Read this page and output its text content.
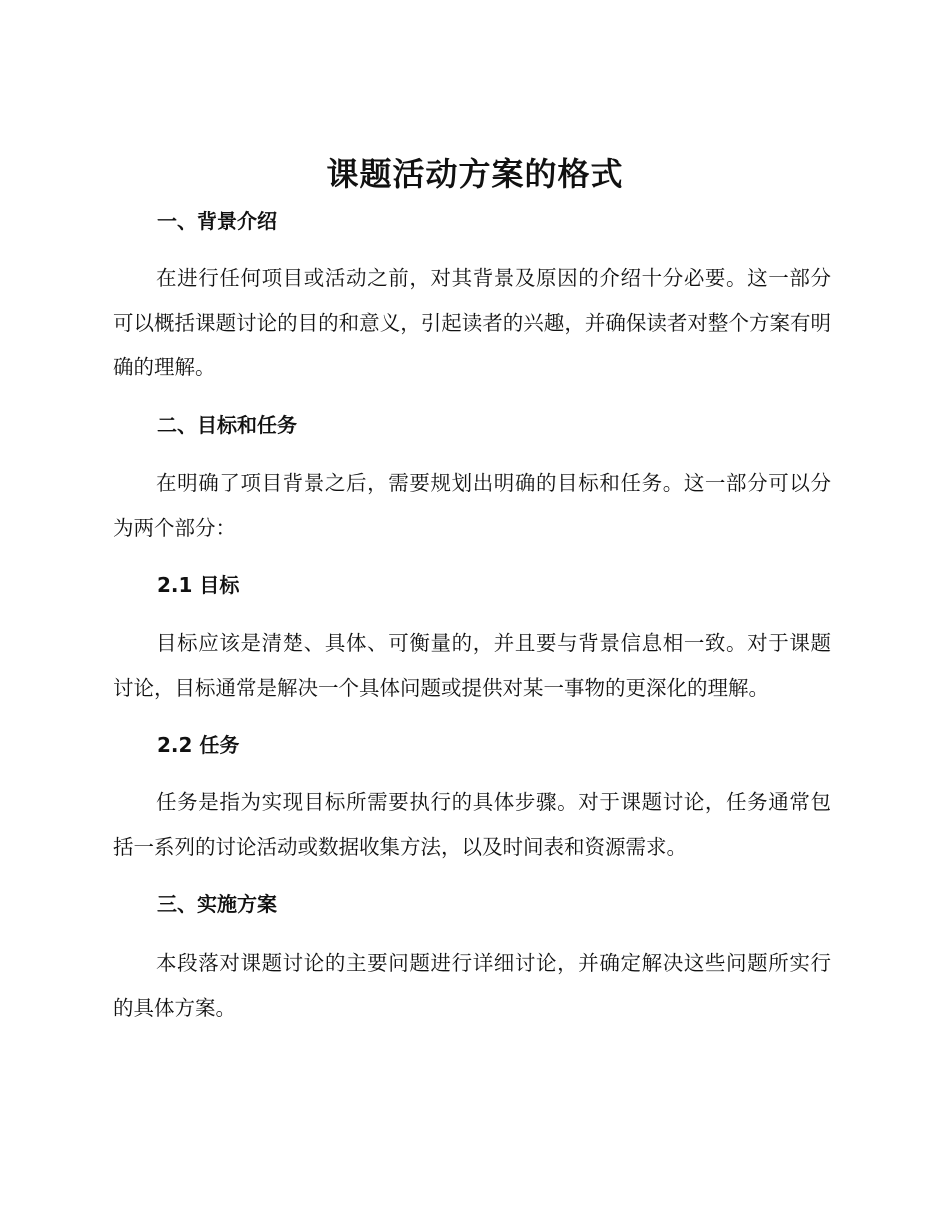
课题活动方案的格式
一、背景介绍

在进行任何项目或活动之前，对其背景及原因的介绍十分必要。这一部分可以概括课题讨论的目的和意义，引起读者的兴趣，并确保读者对整个方案有明确的理解。

二、目标和任务

在明确了项目背景之后，需要规划出明确的目标和任务。这一部分可以分为两个部分：

2.1 目标

目标应该是清楚、具体、可衡量的，并且要与背景信息相一致。对于课题讨论，目标通常是解决一个具体问题或提供对某一事物的更深化的理解。

2.2 任务

任务是指为实现目标所需要执行的具体步骤。对于课题讨论，任务通常包括一系列的讨论活动或数据收集方法，以及时间表和资源需求。

三、实施方案

本段落对课题讨论的主要问题进行详细讨论，并确定解决这些问题所实行的具体方案。
